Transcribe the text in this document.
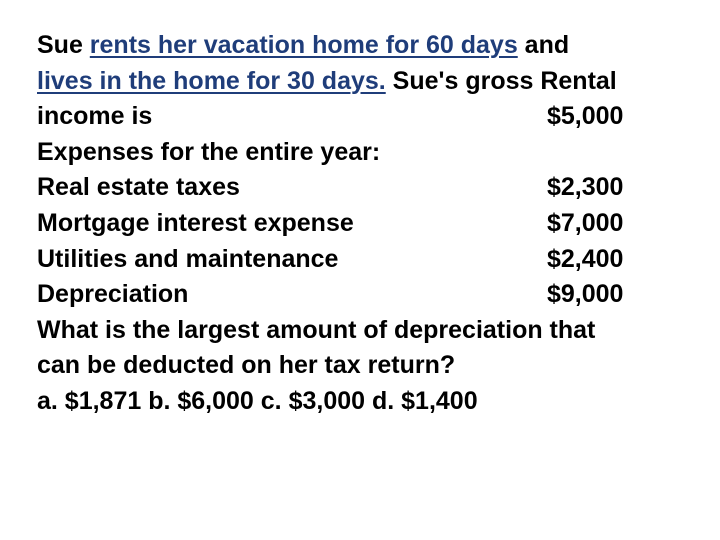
Sue rents her vacation home for 60 days and
lives in the home for 30 days. Sue's gross Rental
income is	$5,000
Expenses for the entire year:
Real estate taxes	$2,300
Mortgage interest expense	$7,000
Utilities and maintenance	$2,400
Depreciation	$9,000
What is the largest amount of depreciation that
can be deducted on her tax return?
a. $1,871 b. $6,000 c. $3,000 d. $1,400
